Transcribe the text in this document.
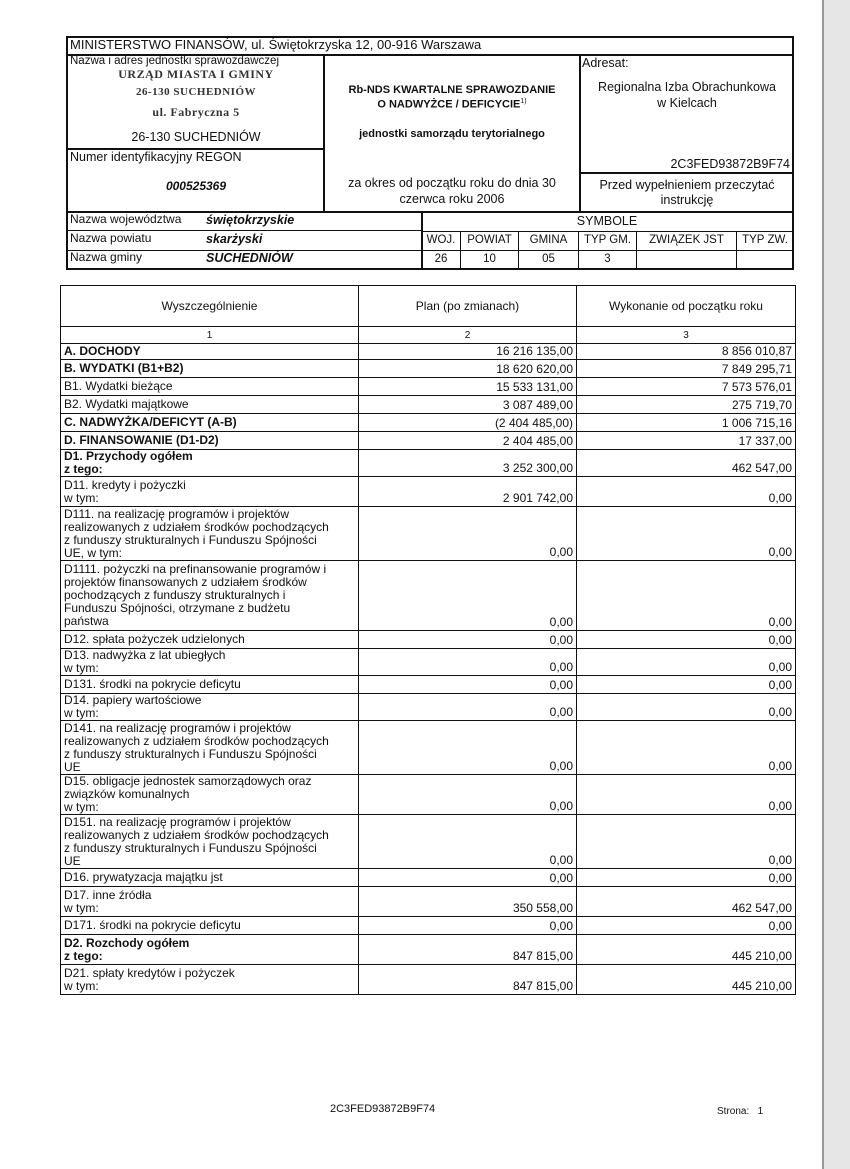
MINISTERSTWO FINANSÓW, ul. Świętokrzyska 12, 00-916 Warszawa
Nazwa i adres jednostki sprawozdawczej
URZĄD MIASTA I GMINY
26-130 SUCHEDNIÓW
ul. Fabryczna 5
26-130 SUCHEDNIÓW
Numer identyfikacyjny REGON
000525369
Rb-NDS KWARTALNE SPRAWOZDANIE
O NADWYŻCE / DEFICYCIE$^{1)}$
jednostki samorządu terytorialnego
za okres od początku roku do dnia 30
czerwca roku 2006
Adresat:
Regionalna Izba Obrachunkowa
w Kielcach
2C3FED93872B9F74
Przed wypełnieniem przeczytać
instrukcję
Nazwa województwa świętokrzyskie
Nazwa powiatu	skarżyski
Nazwa gminy	SUCHEDNIÓW
SYMBOLE
WOJ.	POWIAT	GMINA	TYP GM.	ZWIĄZEK JST	TYP ZW.
26	10	05	3
Wyszczególnienie	Plan (po zmianach)	Wykonanie od początku roku
1	2	3
A. DOCHODY	16 216 135,00	8 856 010,87
B. WYDATKI (B1+B2)	18 620 620,00	7 849 295,71
B1. Wydatki bieżące	15 533 131,00	7 573 576,01
B2. Wydatki majątkowe	3 087 489,00	275 719,70
C. NADWYŻKA/DEFICYT (A-B)	(2 404 485,00)	1 006 715,16
D. FINANSOWANIE (D1-D2)	2 404 485,00	17 337,00
D1. Przychody ogółem
z tego:	3 252 300,00	462 547,00
D11. kredyty i pożyczki
w tym:	2 901 742,00	0,00
D111. na realizację programów i projektów
realizowanych z udziałem środków pochodzących
z funduszy strukturalnych i Funduszu Spójności
UE, w tym:	0,00	0,00
D1111. pożyczki na prefinansowanie programów i
projektów finansowanych z udziałem środków
pochodzących z funduszy strukturalnych i
Funduszu Spójności, otrzymane z budżetu
państwa	0,00	0,00
D12. spłata pożyczek udzielonych	0,00	0,00
D13. nadwyżka z lat ubiegłych
w tym:	0,00	0,00
D131. środki na pokrycie deficytu	0,00	0,00
D14. papiery wartościowe
w tym:	0,00	0,00
D141. na realizację programów i projektów
realizowanych z udziałem środków pochodzących
z funduszy strukturalnych i Funduszu Spójności
UE	0,00	0,00
D15. obligacje jednostek samorządowych oraz
związków komunalnych
w tym:	0,00	0,00
D151. na realizację programów i projektów
realizowanych z udziałem środków pochodzących
z funduszy strukturalnych i Funduszu Spójności
UE	0,00	0,00
D16. prywatyzacja majątku jst	0,00	0,00
D17. inne źródła
w tym:	350 558,00	462 547,00
D171. środki na pokrycie deficytu	0,00	0,00
D2. Rozchody ogółem
z tego:	847 815,00	445 210,00
D21. spłaty kredytów i pożyczek
w tym:	847 815,00	445 210,00
2C3FED93872B9F74	Strona: 1
